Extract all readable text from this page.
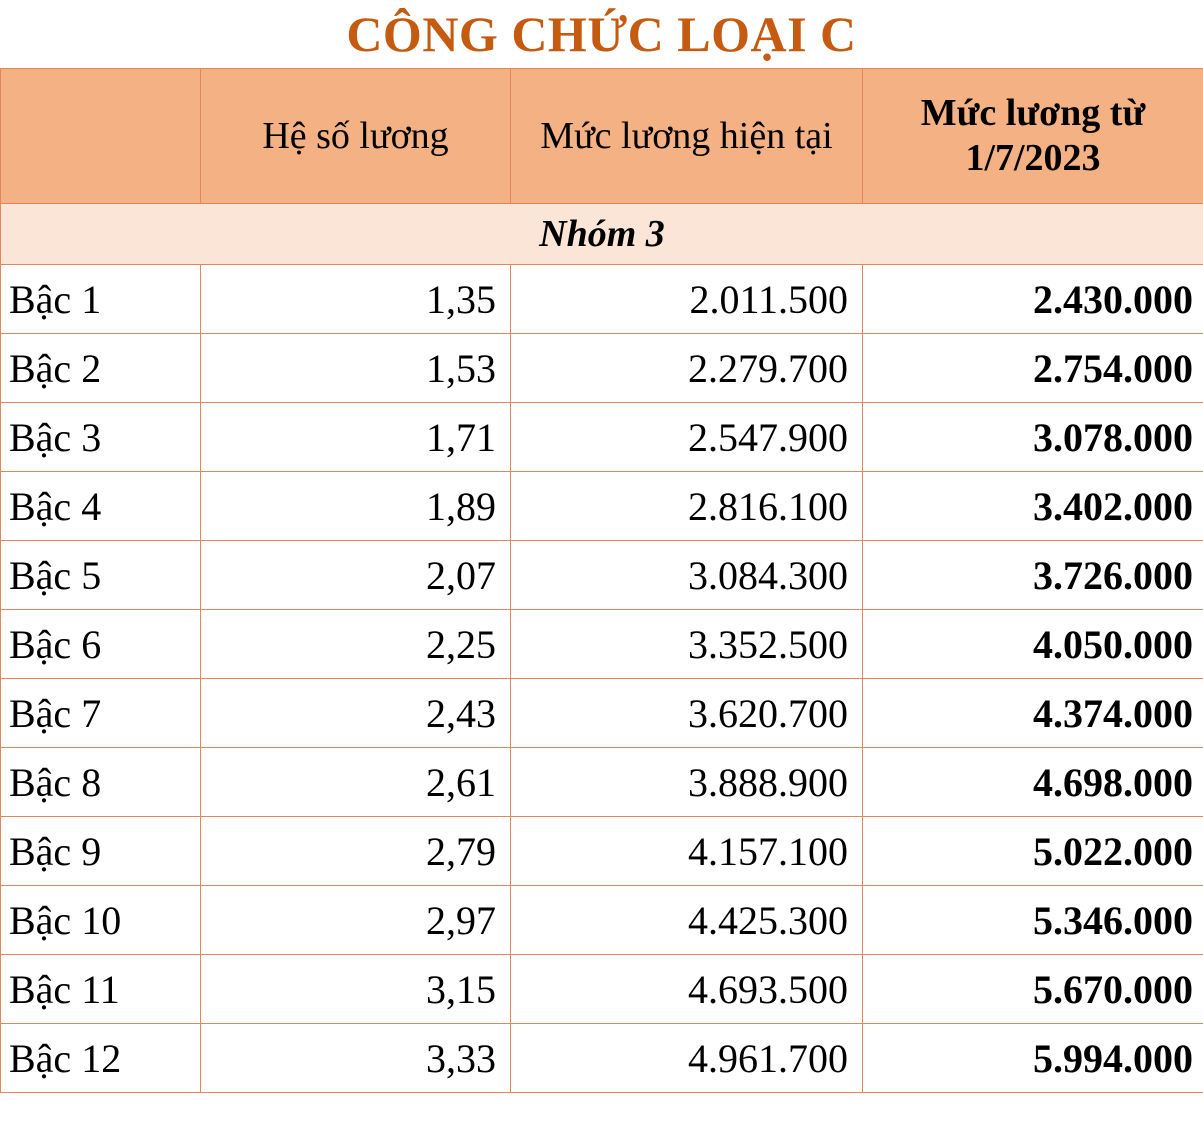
CÔNG CHỨC LOẠI C
	Hệ số lương	Mức lương hiện tại	Mức lương từ 1/7/2023
Nhóm 3			
Bậc 1	1,35	2.011.500	2.430.000
Bậc 2	1,53	2.279.700	2.754.000
Bậc 3	1,71	2.547.900	3.078.000
Bậc 4	1,89	2.816.100	3.402.000
Bậc 5	2,07	3.084.300	3.726.000
Bậc 6	2,25	3.352.500	4.050.000
Bậc 7	2,43	3.620.700	4.374.000
Bậc 8	2,61	3.888.900	4.698.000
Bậc 9	2,79	4.157.100	5.022.000
Bậc 10	2,97	4.425.300	5.346.000
Bậc 11	3,15	4.693.500	5.670.000
Bậc 12	3,33	4.961.700	5.994.000
